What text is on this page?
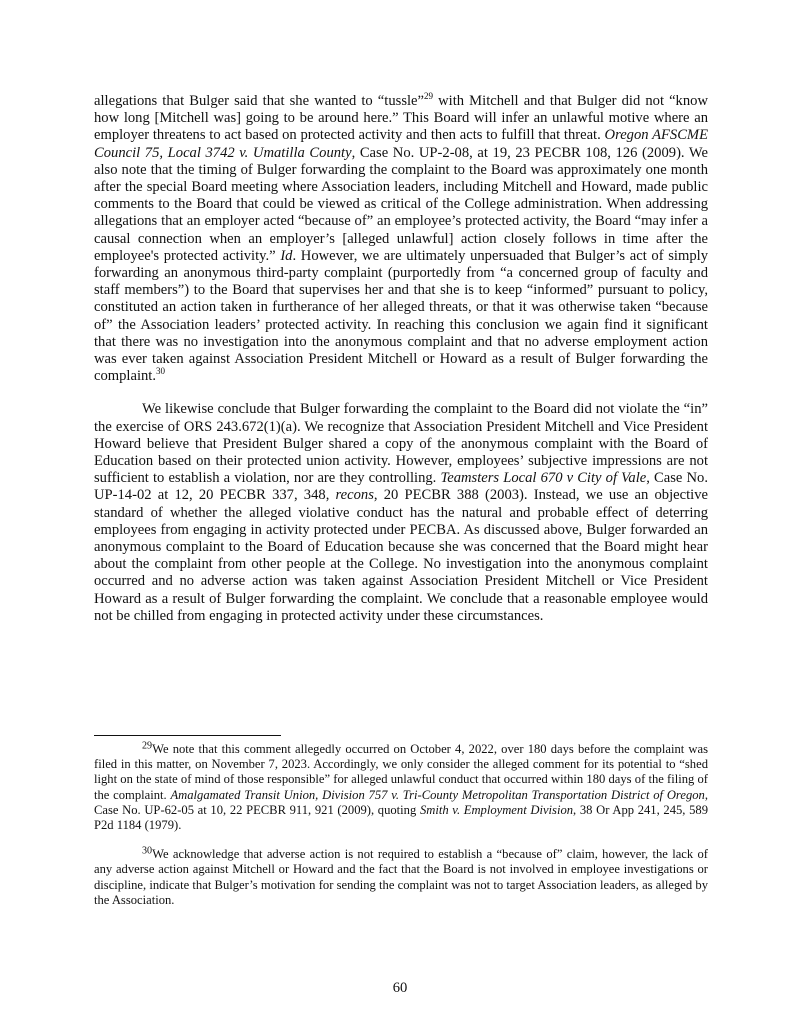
allegations that Bulger said that she wanted to “tussle”$^{29}$ with Mitchell and that Bulger did not “know how long [Mitchell was] going to be around here.” This Board will infer an unlawful motive where an employer threatens to act based on protected activity and then acts to fulfill that threat. Oregon AFSCME Council 75, Local 3742 v. Umatilla County, Case No. UP-2-08, at 19, 23 PECBR 108, 126 (2009). We also note that the timing of Bulger forwarding the complaint to the Board was approximately one month after the special Board meeting where Association leaders, including Mitchell and Howard, made public comments to the Board that could be viewed as critical of the College administration. When addressing allegations that an employer acted “because of” an employee’s protected activity, the Board “may infer a causal connection when an employer’s [alleged unlawful] action closely follows in time after the employee's protected activity.” Id. However, we are ultimately unpersuaded that Bulger’s act of simply forwarding an anonymous third-party complaint (purportedly from “a concerned group of faculty and staff members”) to the Board that supervises her and that she is to keep “informed” pursuant to policy, constituted an action taken in furtherance of her alleged threats, or that it was otherwise taken “because of” the Association leaders’ protected activity. In reaching this conclusion we again find it significant that there was no investigation into the anonymous complaint and that no adverse employment action was ever taken against Association President Mitchell or Howard as a result of Bulger forwarding the complaint.$^{30}$

We likewise conclude that Bulger forwarding the complaint to the Board did not violate the “in” the exercise of ORS 243.672(1)(a). We recognize that Association President Mitchell and Vice President Howard believe that President Bulger shared a copy of the anonymous complaint with the Board of Education based on their protected union activity. However, employees’ subjective impressions are not sufficient to establish a violation, nor are they controlling. Teamsters Local 670 v City of Vale, Case No. UP-14-02 at 12, 20 PECBR 337, 348, recons, 20 PECBR 388 (2003). Instead, we use an objective standard of whether the alleged violative conduct has the natural and probable effect of deterring employees from engaging in activity protected under PECBA. As discussed above, Bulger forwarded an anonymous complaint to the Board of Education because she was concerned that the Board might hear about the complaint from other people at the College. No investigation into the anonymous complaint occurred and no adverse action was taken against Association President Mitchell or Vice President Howard as a result of Bulger forwarding the complaint. We conclude that a reasonable employee would not be chilled from engaging in protected activity under these circumstances.

$^{29}$We note that this comment allegedly occurred on October 4, 2022, over 180 days before the complaint was filed in this matter, on November 7, 2023. Accordingly, we only consider the alleged comment for its potential to “shed light on the state of mind of those responsible” for alleged unlawful conduct that occurred within 180 days of the filing of the complaint. Amalgamated Transit Union, Division 757 v. Tri-County Metropolitan Transportation District of Oregon, Case No. UP-62-05 at 10, 22 PECBR 911, 921 (2009), quoting Smith v. Employment Division, 38 Or App 241, 245, 589 P2d 1184 (1979).

$^{30}$We acknowledge that adverse action is not required to establish a “because of” claim, however, the lack of any adverse action against Mitchell or Howard and the fact that the Board is not involved in employee investigations or discipline, indicate that Bulger’s motivation for sending the complaint was not to target Association leaders, as alleged by the Association.

60
